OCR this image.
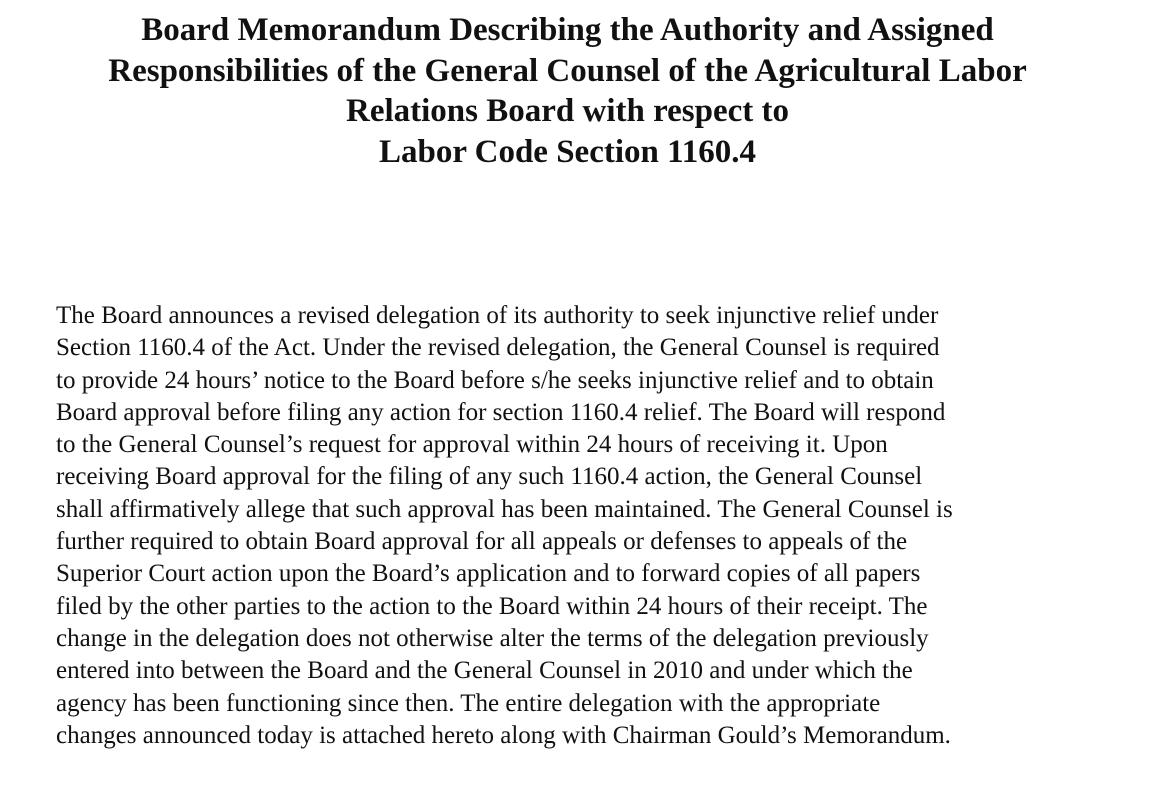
Board Memorandum Describing the Authority and Assigned
Responsibilities of the General Counsel of the Agricultural Labor
Relations Board with respect to
Labor Code Section 1160.4
The Board announces a revised delegation of its authority to seek injunctive relief under
Section 1160.4 of the Act. Under the revised delegation, the General Counsel is required
to provide 24 hours’ notice to the Board before s/he seeks injunctive relief and to obtain
Board approval before filing any action for section 1160.4 relief. The Board will respond
to the General Counsel’s request for approval within 24 hours of receiving it. Upon
receiving Board approval for the filing of any such 1160.4 action, the General Counsel
shall affirmatively allege that such approval has been maintained. The General Counsel is
further required to obtain Board approval for all appeals or defenses to appeals of the
Superior Court action upon the Board’s application and to forward copies of all papers
filed by the other parties to the action to the Board within 24 hours of their receipt. The
change in the delegation does not otherwise alter the terms of the delegation previously
entered into between the Board and the General Counsel in 2010 and under which the
agency has been functioning since then. The entire delegation with the appropriate
changes announced today is attached hereto along with Chairman Gould’s Memorandum.
